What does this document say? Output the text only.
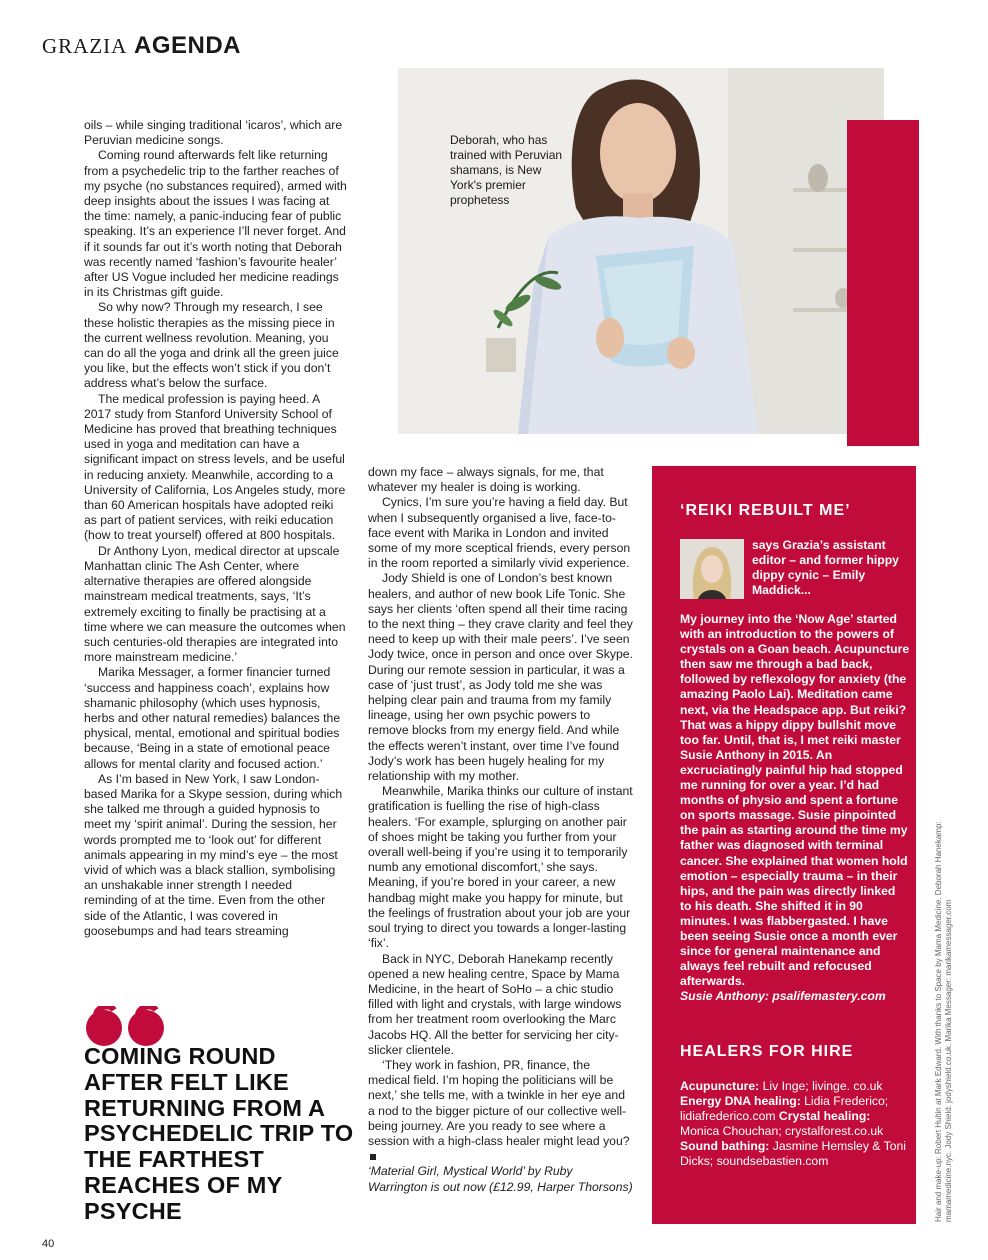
GRAZIA AGENDA
Deborah, who has trained with Peruvian shamans, is New York's premier prophetess

oils – while singing traditional ‘icaros’, which are Peruvian medicine songs.

Coming round afterwards felt like returning from a psychedelic trip to the farther reaches of my psyche (no substances required), armed with deep insights about the issues I was facing at the time: namely, a panic-inducing fear of public speaking. It’s an experience I’ll never forget. And if it sounds far out it’s worth noting that Deborah was recently named ‘fashion’s favourite healer’ after US Vogue included her medicine readings in its Christmas gift guide.

So why now? Through my research, I see these holistic therapies as the missing piece in the current wellness revolution. Meaning, you can do all the yoga and drink all the green juice you like, but the effects won’t stick if you don’t address what’s below the surface.

The medical profession is paying heed. A 2017 study from Stanford University School of Medicine has proved that breathing techniques used in yoga and meditation can have a significant impact on stress levels, and be useful in reducing anxiety. Meanwhile, according to a University of California, Los Angeles study, more than 60 American hospitals have adopted reiki as part of patient services, with reiki education (how to treat yourself) offered at 800 hospitals.

Dr Anthony Lyon, medical director at upscale Manhattan clinic The Ash Center, where alternative therapies are offered alongside mainstream medical treatments, says, ‘It’s extremely exciting to finally be practising at a time where we can measure the outcomes when such centuries-old therapies are integrated into more mainstream medicine.’

Marika Messager, a former financier turned ‘success and happiness coach’, explains how shamanic philosophy (which uses hypnosis, herbs and other natural remedies) balances the physical, mental, emotional and spiritual bodies because, ‘Being in a state of emotional peace allows for mental clarity and focused action.’

As I’m based in New York, I saw London-based Marika for a Skype session, during which she talked me through a guided hypnosis to meet my ‘spirit animal’. During the session, her words prompted me to ‘look out’ for different animals appearing in my mind’s eye – the most vivid of which was a black stallion, symbolising an unshakable inner strength I needed reminding of at the time. Even from the other side of the Atlantic, I was covered in goosebumps and had tears streaming

COMING ROUND AFTER FELT LIKE RETURNING FROM A PSYCHEDELIC TRIP TO THE FARTHEST REACHES OF MY PSYCHE

down my face – always signals, for me, that whatever my healer is doing is working.

Cynics, I’m sure you’re having a field day. But when I subsequently organised a live, face-to-face event with Marika in London and invited some of my more sceptical friends, every person in the room reported a similarly vivid experience.

Jody Shield is one of London’s best known healers, and author of new book Life Tonic. She says her clients ‘often spend all their time racing to the next thing – they crave clarity and feel they need to keep up with their male peers’. I’ve seen Jody twice, once in person and once over Skype. During our remote session in particular, it was a case of ‘just trust’, as Jody told me she was helping clear pain and trauma from my family lineage, using her own psychic powers to remove blocks from my energy field. And while the effects weren’t instant, over time I’ve found Jody’s work has been hugely healing for my relationship with my mother.

Meanwhile, Marika thinks our culture of instant gratification is fuelling the rise of high-class healers. ‘For example, splurging on another pair of shoes might be taking you further from your overall well-being if you’re using it to temporarily numb any emotional discomfort,’ she says. Meaning, if you’re bored in your career, a new handbag might make you happy for minute, but the feelings of frustration about your job are your soul trying to direct you towards a longer-lasting ‘fix’.

Back in NYC, Deborah Hanekamp recently opened a new healing centre, Space by Mama Medicine, in the heart of SoHo – a chic studio filled with light and crystals, with large windows from her treatment room overlooking the Marc Jacobs HQ. All the better for servicing her city-slicker clientele.

‘They work in fashion, PR, finance, the medical field. I’m hoping the politicians will be next,’ she tells me, with a twinkle in her eye and a nod to the bigger picture of our collective well-being journey. Are you ready to see where a session with a high-class healer might lead you?

‘Material Girl, Mystical World’ by Ruby Warrington is out now (£12.99, Harper Thorsons)

‘REIKI REBUILT ME’
says Grazia’s assistant editor – and former hippy dippy cynic – Emily Maddick...
My journey into the ‘Now Age’ started with an introduction to the powers of crystals on a Goan beach. Acupuncture then saw me through a bad back, followed by reflexology for anxiety (the amazing Paolo Lai). Meditation came next, via the Headspace app. But reiki? That was a hippy dippy bullshit move too far. Until, that is, I met reiki master Susie Anthony in 2015. An excruciatingly painful hip had stopped me running for over a year. I’d had months of physio and spent a fortune on sports massage. Susie pinpointed the pain as starting around the time my father was diagnosed with terminal cancer. She explained that women hold emotion – especially trauma – in their hips, and the pain was directly linked to his death. She shifted it in 90 minutes. I was flabbergasted. I have been seeing Susie once a month ever since for general maintenance and always feel rebuilt and refocused afterwards.
Susie Anthony: psalifemastery.com
HEALERS FOR HIRE
Acupuncture: Liv Inge; livinge. co.uk Energy DNA healing: Lidia Frederico; lidiafrederico.com Crystal healing: Monica Chouchan; crystalforest.co.uk Sound bathing: Jasmine Hemsley & Toni Dicks; soundsebastien.com	Hair and make-up: Robert Hultin at Mark Edward. With thanks to Space by Mama Medicine. Deborah Hanekamp: mamamedicine.nyc. Jody Shield: jodyshield.co.uk. Marika Messager: marikamessager.com
40
